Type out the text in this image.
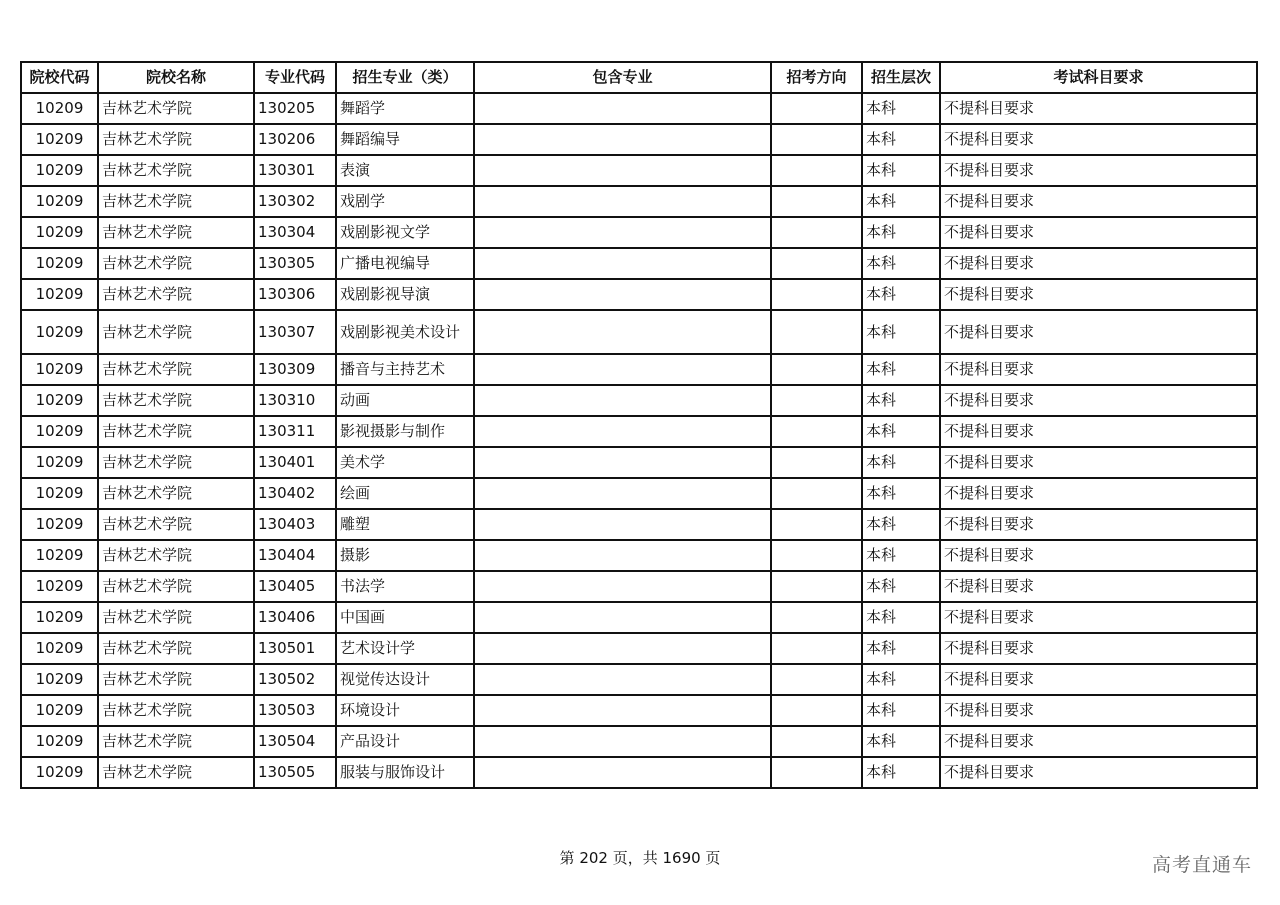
院校代码	院校名称	专业代码	招生专业（类）	包含专业	招考方向	招生层次	考试科目要求
10209	吉林艺术学院	130205	舞蹈学			本科	不提科目要求
10209	吉林艺术学院	130206	舞蹈编导			本科	不提科目要求
10209	吉林艺术学院	130301	表演			本科	不提科目要求
10209	吉林艺术学院	130302	戏剧学			本科	不提科目要求
10209	吉林艺术学院	130304	戏剧影视文学			本科	不提科目要求
10209	吉林艺术学院	130305	广播电视编导			本科	不提科目要求
10209	吉林艺术学院	130306	戏剧影视导演			本科	不提科目要求
10209	吉林艺术学院	130307	戏剧影视美术设计			本科	不提科目要求
10209	吉林艺术学院	130309	播音与主持艺术			本科	不提科目要求
10209	吉林艺术学院	130310	动画			本科	不提科目要求
10209	吉林艺术学院	130311	影视摄影与制作			本科	不提科目要求
10209	吉林艺术学院	130401	美术学			本科	不提科目要求
10209	吉林艺术学院	130402	绘画			本科	不提科目要求
10209	吉林艺术学院	130403	雕塑			本科	不提科目要求
10209	吉林艺术学院	130404	摄影			本科	不提科目要求
10209	吉林艺术学院	130405	书法学			本科	不提科目要求
10209	吉林艺术学院	130406	中国画			本科	不提科目要求
10209	吉林艺术学院	130501	艺术设计学			本科	不提科目要求
10209	吉林艺术学院	130502	视觉传达设计			本科	不提科目要求
10209	吉林艺术学院	130503	环境设计			本科	不提科目要求
10209	吉林艺术学院	130504	产品设计			本科	不提科目要求
10209	吉林艺术学院	130505	服装与服饰设计			本科	不提科目要求
第 202 页，共 1690 页	高考直通车
